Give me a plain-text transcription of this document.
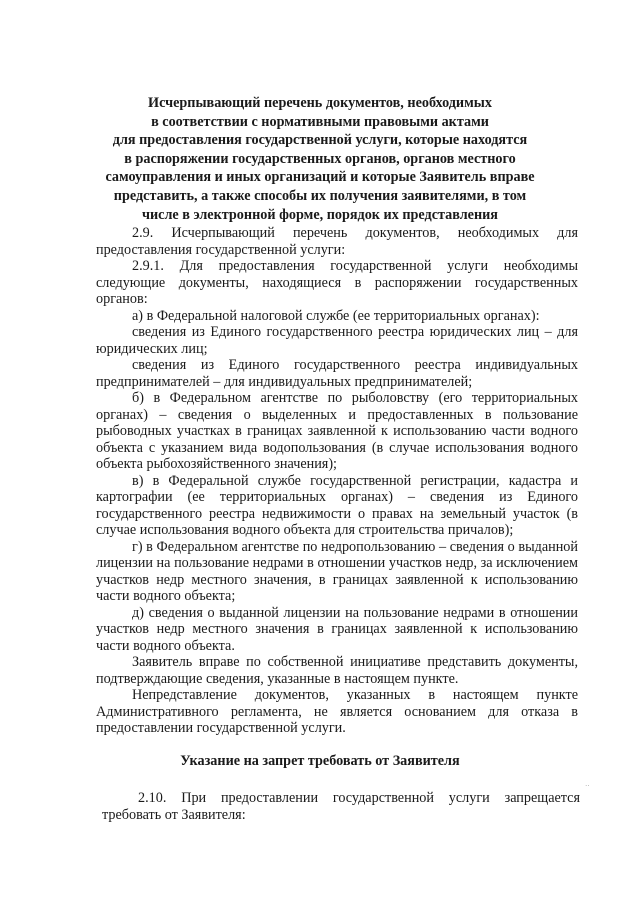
Исчерпывающий перечень документов, необходимых
в соответствии с нормативными правовыми актами
для предоставления государственной услуги, которые находятся
в распоряжении государственных органов, органов местного
самоуправления и иных организаций и которые Заявитель вправе
представить, а также способы их получения заявителями, в том
числе в электронной форме, порядок их представления

2.9. Исчерпывающий перечень документов, необходимых для предоставления государственной услуги:

2.9.1. Для предоставления государственной услуги необходимы следующие документы, находящиеся в распоряжении государственных органов:

а) в Федеральной налоговой службе (ее территориальных органах):

сведения из Единого государственного реестра юридических лиц – для юридических лиц;

сведения из Единого государственного реестра индивидуальных предпринимателей – для индивидуальных предпринимателей;

б) в Федеральном агентстве по рыболовству (его территориальных органах) – сведения о выделенных и предоставленных в пользование рыбоводных участках в границах заявленной к использованию части водного объекта с указанием вида водопользования (в случае использования водного объекта рыбохозяйственного значения);

в) в Федеральной службе государственной регистрации, кадастра и картографии (ее территориальных органах) – сведения из Единого государственного реестра недвижимости о правах на земельный участок (в случае использования водного объекта для строительства причалов);

г) в Федеральном агентстве по недропользованию – сведения о выданной лицензии на пользование недрами в отношении участков недр, за исключением участков недр местного значения, в границах заявленной к использованию части водного объекта;

д) сведения о выданной лицензии на пользование недрами в отношении участков недр местного значения в границах заявленной к использованию части водного объекта.

Заявитель вправе по собственной инициативе представить документы, подтверждающие сведения, указанные в настоящем пункте.

Непредставление документов, указанных в настоящем пункте Административного регламента, не является основанием для отказа в предоставлении государственной услуги.

Указание на запрет требовать от Заявителя
··

2.10. При предоставлении государственной услуги запрещается требовать от Заявителя:
